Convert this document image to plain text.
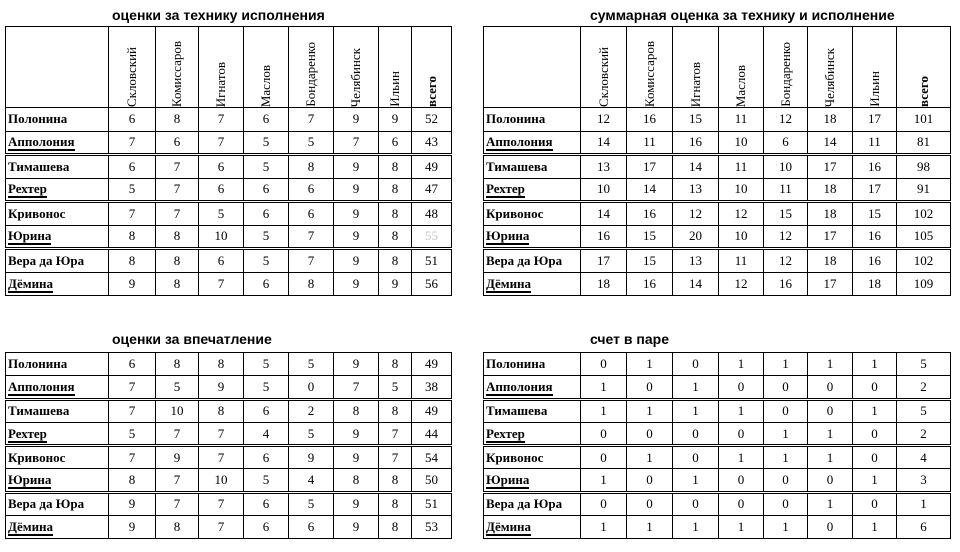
оценки за технику исполнения	суммарная оценка за технику и исполнение
оценки за впечатление	счет в паре

	Скловский	Комиссаров	Игнатов	Маслов	Бондаренко	Челябинск	Ильин	всего

Полонина	6	8	7	6	7	9	9	52
Апполония	7	6	7	5	5	7	6	43
Тимашева	6	7	6	5	8	9	8	49
Рехтер	5	7	6	6	6	9	8	47
Кривонос	7	7	5	6	6	9	8	48
Юрина	8	8	10	5	7	9	8	55
Вера да Юра	8	8	6	5	7	9	8	51
Дёмина	9	8	7	6	8	9	9	56

	Скловский	Комиссаров	Игнатов	Маслов	Бондаренко	Челябинск	Ильин	всего

Полонина	12	16	15	11	12	18	17	101
Апполония	14	11	16	10	6	14	11	81
Тимашева	13	17	14	11	10	17	16	98
Рехтер	10	14	13	10	11	18	17	91
Кривонос	14	16	12	12	15	18	15	102
Юрина	16	15	20	10	12	17	16	105
Вера да Юра	17	15	13	11	12	18	16	102
Дёмина	18	16	14	12	16	17	18	109
Полонина	6	8	8	5	5	9	8	49
Апполония	7	5	9	5	0	7	5	38
Тимашева	7	10	8	6	2	8	8	49
Рехтер	5	7	7	4	5	9	7	44
Кривонос	7	9	7	6	9	9	7	54
Юрина	8	7	10	5	4	8	8	50
Вера да Юра	9	7	7	6	5	9	8	51
Дёмина	9	8	7	6	6	9	8	53
Полонина	0	1	0	1	1	1	1	5
Апполония	1	0	1	0	0	0	0	2
Тимашева	1	1	1	1	0	0	1	5
Рехтер	0	0	0	0	1	1	0	2
Кривонос	0	1	0	1	1	1	0	4
Юрина	1	0	1	0	0	0	1	3
Вера да Юра	0	0	0	0	0	1	0	1
Дёмина	1	1	1	1	1	0	1	6
